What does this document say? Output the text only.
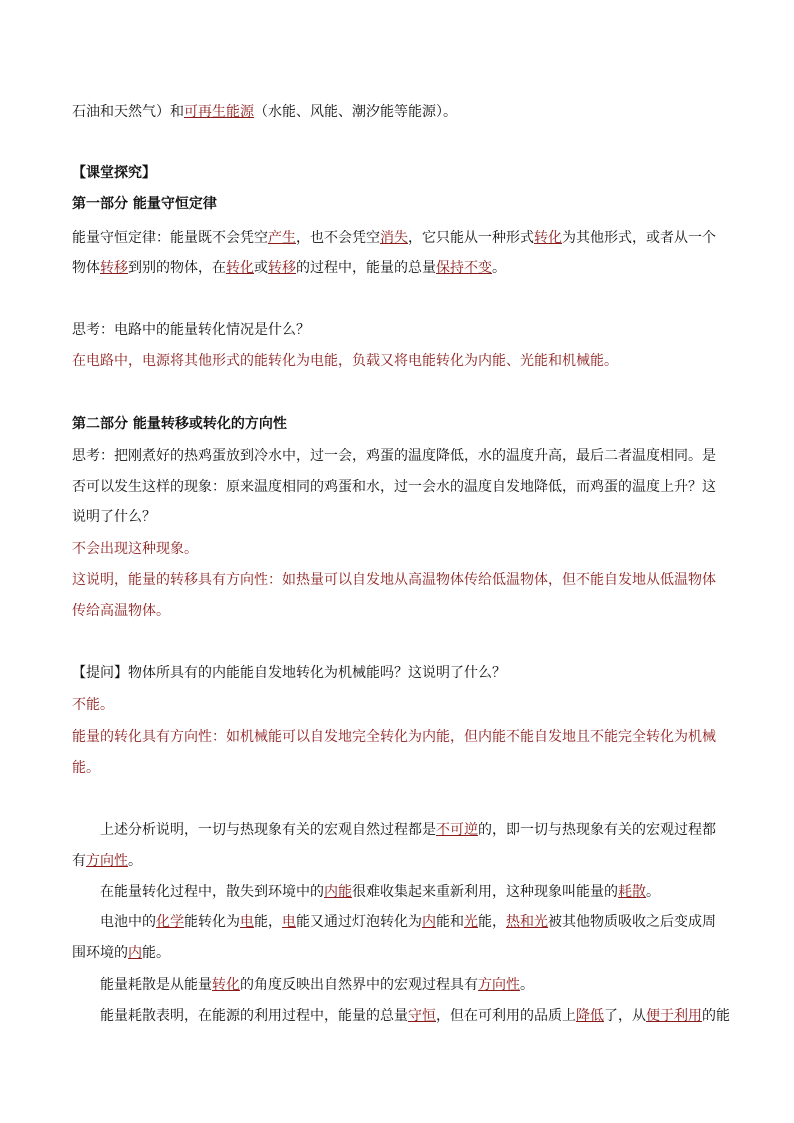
石油和天然气）和可再生能源（水能、风能、潮汐能等能源）。
【课堂探究】
第一部分 能量守恒定律
能量守恒定律：能量既不会凭空产生，也不会凭空消失，它只能从一种形式转化为其他形式，或者从一个
物体转移到别的物体，在转化或转移的过程中，能量的总量保持不变。
思考：电路中的能量转化情况是什么？
在电路中，电源将其他形式的能转化为电能，负载又将电能转化为内能、光能和机械能。
第二部分 能量转移或转化的方向性
思考：把刚煮好的热鸡蛋放到冷水中，过一会，鸡蛋的温度降低，水的温度升高，最后二者温度相同。是
否可以发生这样的现象：原来温度相同的鸡蛋和水，过一会水的温度自发地降低，而鸡蛋的温度上升？这
说明了什么？
不会出现这种现象。
这说明，能量的转移具有方向性：如热量可以自发地从高温物体传给低温物体，但不能自发地从低温物体
传给高温物体。
【提问】物体所具有的内能能自发地转化为机械能吗？这说明了什么？
不能。
能量的转化具有方向性：如机械能可以自发地完全转化为内能，但内能不能自发地且不能完全转化为机械
能。
上述分析说明，一切与热现象有关的宏观自然过程都是不可逆的，即一切与热现象有关的宏观过程都
有方向性。
在能量转化过程中，散失到环境中的内能很难收集起来重新利用，这种现象叫能量的耗散。
电池中的化学能转化为电能，电能又通过灯泡转化为内能和光能，热和光被其他物质吸收之后变成周
围环境的内能。
能量耗散是从能量转化的角度反映出自然界中的宏观过程具有方向性。
能量耗散表明，在能源的利用过程中，能量的总量守恒，但在可利用的品质上降低了，从便于利用的能
